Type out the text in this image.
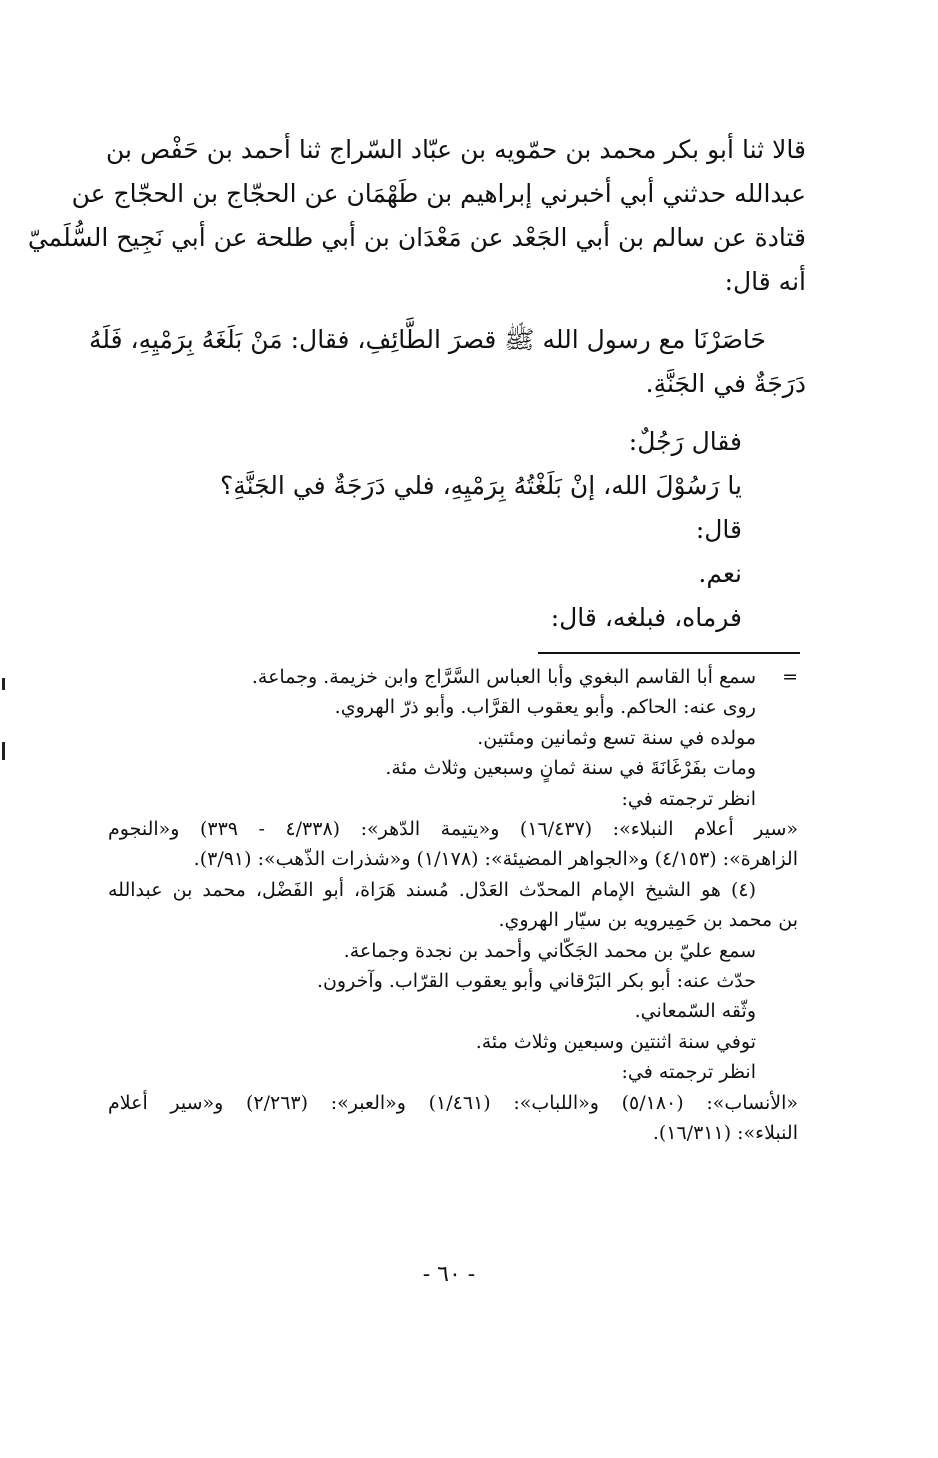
قالا ثنا أبو بكر محمد بن حمّويه بن عبّاد السّراج ثنا أحمد بن حَفْص بن
عبدالله حدثني أبي أخبرني إبراهيم بن طَهْمَان عن الحجّاج بن الحجّاج عن
قتادة عن سالم بن أبي الجَعْد عن مَعْدَان بن أبي طلحة عن أبي نَجِيح السُّلَميّ
أنه قال:
حَاصَرْنَا مع رسول الله ﷺ قصرَ الطَّائِفِ، فقال: مَنْ بَلَغَهُ بِرَمْيِهِ، فَلَهُ
دَرَجَةٌ في الجَنَّةِ.
فقال رَجُلٌ:
يا رَسُوْلَ الله، إنْ بَلَغْتُهُ بِرَمْيِهِ، فلي دَرَجَةٌ في الجَنَّةِ؟
قال:
نعم.
فرماه، فبلغه، قال:
=
سمع أبا القاسم البغوي وأبا العباس السَّرَّاج وابن خزيمة. وجماعة.
روى عنه: الحاكم. وأبو يعقوب القرَّاب. وأبو ذرّ الهروي.
مولده في سنة تسع وثمانين ومئتين.
ومات بفَرْغَانَةَ في سنة ثمانٍ وسبعين وثلاث مئة.
انظر ترجمته في:
«سير أعلام النبلاء»: (١٦/٤٣٧) و«يتيمة الدّهر»: (٤/٣٣٨ - ٣٣٩) و«النجوم
الزاهرة»: (٤/١٥٣) و«الجواهر المضيئة»: (١/١٧٨) و«شذرات الذّهب»: (٣/٩١).
(٤) هو الشيخ الإمام المحدّث العَدْل. مُسند هَرَاة، أبو الفَضْل، محمد بن عبدالله
بن محمد بن حَمِيرويه بن سيّار الهروي.
سمع عليّ بن محمد الجَكّاني وأحمد بن نجدة وجماعة.
حدّث عنه: أبو بكر البَرْقاني وأبو يعقوب القرّاب. وآخرون.
وثّقه السّمعاني.
توفي سنة اثنتين وسبعين وثلاث مئة.
انظر ترجمته في:
«الأنساب»: (٥/١٨٠) و«اللباب»: (١/٤٦١) و«العبر»: (٢/٢٦٣) و«سير أعلام
النبلاء»: (١٦/٣١١).
- ٦٠ -
